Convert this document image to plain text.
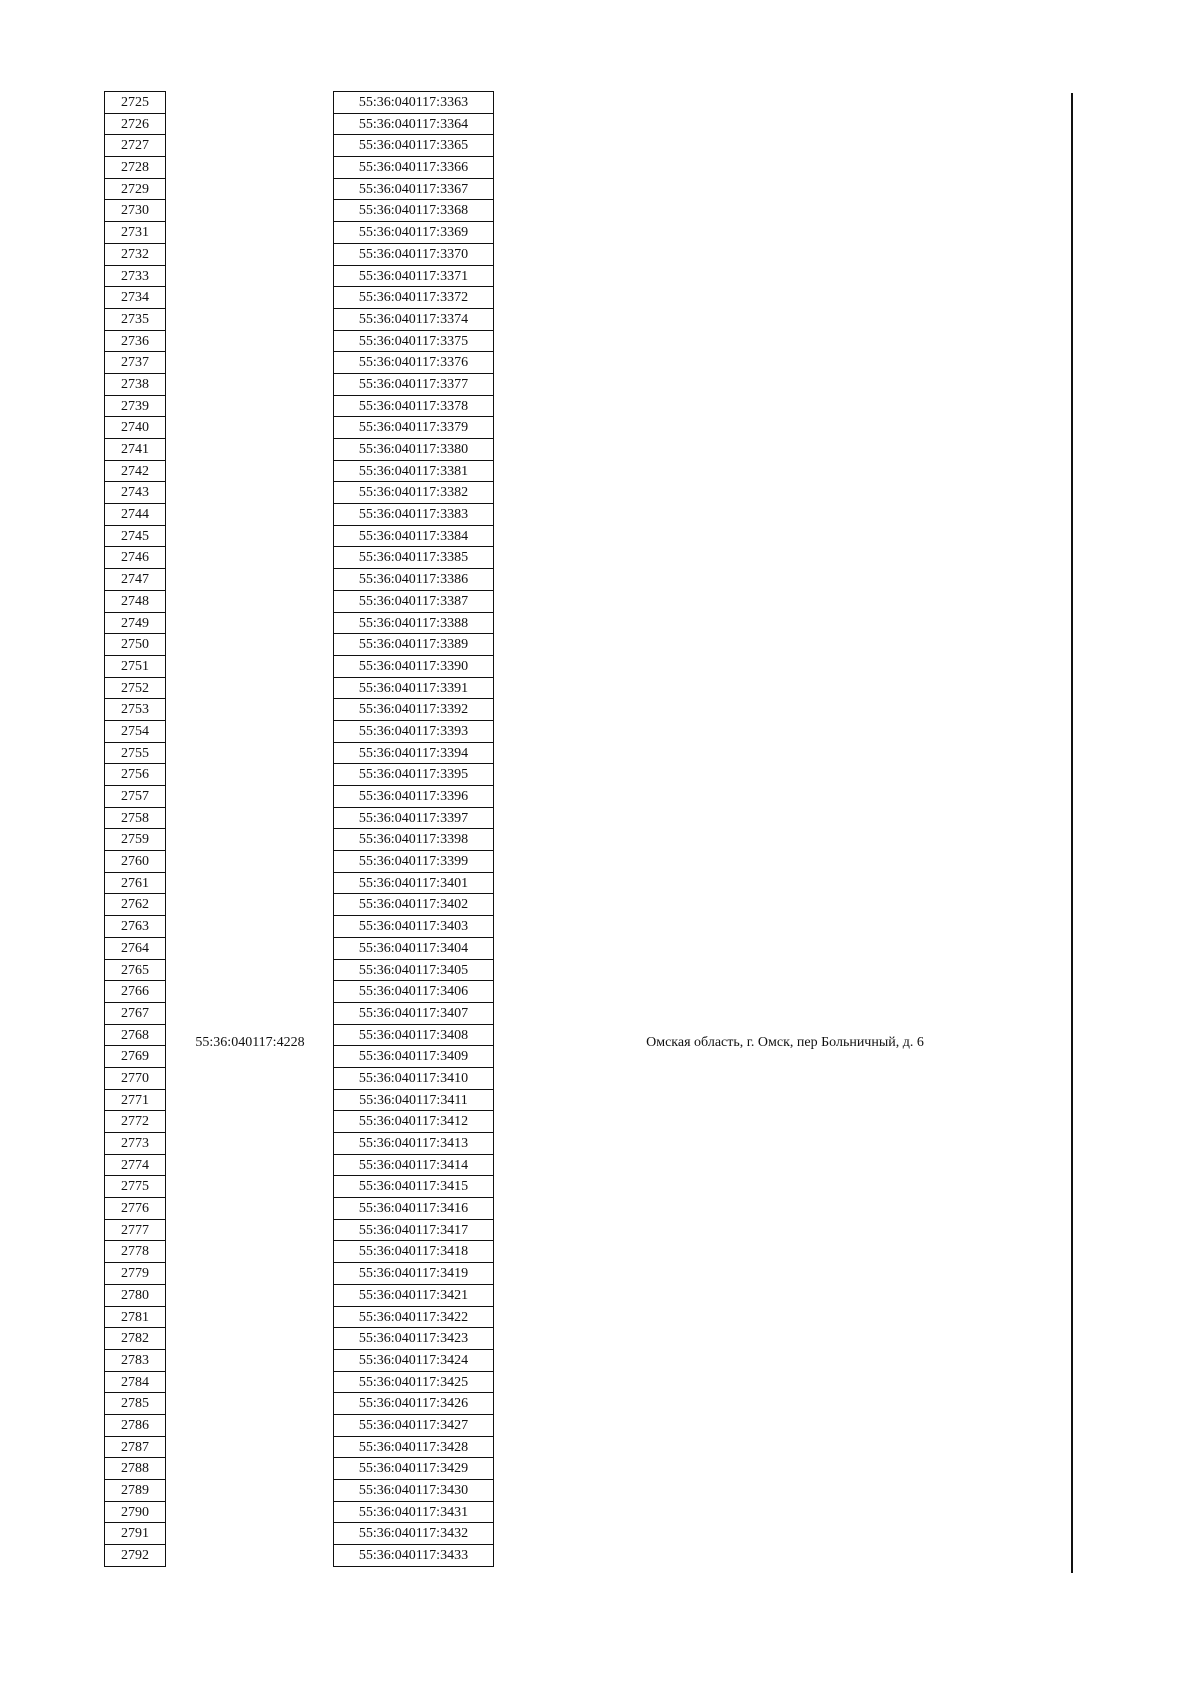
2725
2726
2727
2728
2729
2730
2731
2732
2733
2734
2735
2736
2737
2738
2739
2740
2741
2742
2743
2744
2745
2746
2747
2748
2749
2750
2751
2752
2753
2754
2755
2756
2757
2758
2759
2760
2761
2762
2763
2764
2765
2766
2767
2768
2769
2770
2771
2772
2773
2774
2775
2776
2777
2778
2779
2780
2781
2782
2783
2784
2785
2786
2787
2788
2789
2790
2791
2792
55:36:040117:4228
55:36:040117:3363
55:36:040117:3364
55:36:040117:3365
55:36:040117:3366
55:36:040117:3367
55:36:040117:3368
55:36:040117:3369
55:36:040117:3370
55:36:040117:3371
55:36:040117:3372
55:36:040117:3374
55:36:040117:3375
55:36:040117:3376
55:36:040117:3377
55:36:040117:3378
55:36:040117:3379
55:36:040117:3380
55:36:040117:3381
55:36:040117:3382
55:36:040117:3383
55:36:040117:3384
55:36:040117:3385
55:36:040117:3386
55:36:040117:3387
55:36:040117:3388
55:36:040117:3389
55:36:040117:3390
55:36:040117:3391
55:36:040117:3392
55:36:040117:3393
55:36:040117:3394
55:36:040117:3395
55:36:040117:3396
55:36:040117:3397
55:36:040117:3398
55:36:040117:3399
55:36:040117:3401
55:36:040117:3402
55:36:040117:3403
55:36:040117:3404
55:36:040117:3405
55:36:040117:3406
55:36:040117:3407
55:36:040117:3408
55:36:040117:3409
55:36:040117:3410
55:36:040117:3411
55:36:040117:3412
55:36:040117:3413
55:36:040117:3414
55:36:040117:3415
55:36:040117:3416
55:36:040117:3417
55:36:040117:3418
55:36:040117:3419
55:36:040117:3421
55:36:040117:3422
55:36:040117:3423
55:36:040117:3424
55:36:040117:3425
55:36:040117:3426
55:36:040117:3427
55:36:040117:3428
55:36:040117:3429
55:36:040117:3430
55:36:040117:3431
55:36:040117:3432
55:36:040117:3433
Омская область, г. Омск, пер Больничный, д. 6
